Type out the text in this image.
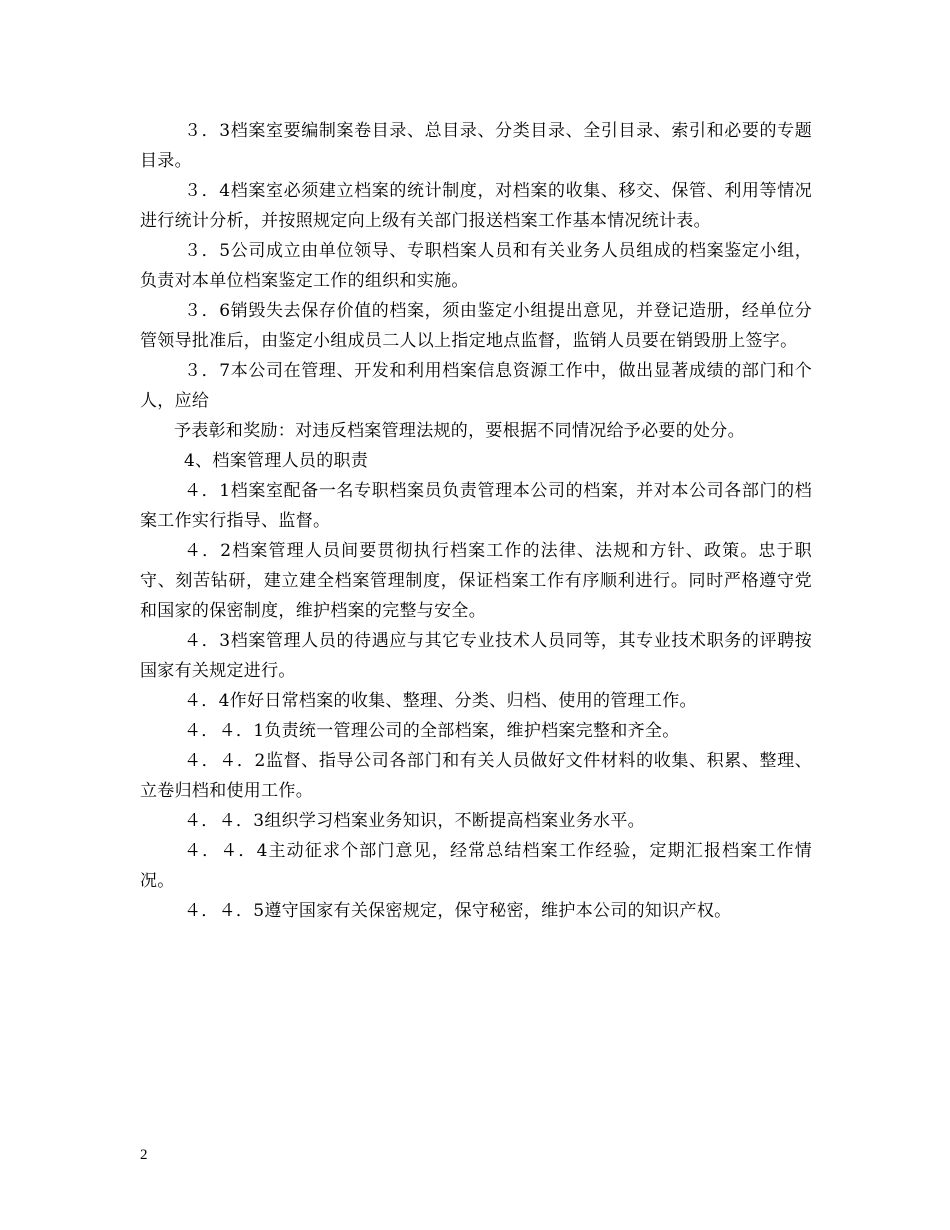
３．3档案室要编制案卷目录、总目录、分类目录、全引目录、索引和必要的专题目录。

３．4档案室必须建立档案的统计制度，对档案的收集、移交、保管、利用等情况进行统计分析，并按照规定向上级有关部门报送档案工作基本情况统计表。

３．5公司成立由单位领导、专职档案人员和有关业务人员组成的档案鉴定小组，负责对本单位档案鉴定工作的组织和实施。

３．6销毁失去保存价值的档案，须由鉴定小组提出意见，并登记造册，经单位分管领导批准后，由鉴定小组成员二人以上指定地点监督，监销人员要在销毁册上签字。

３．7本公司在管理、开发和利用档案信息资源工作中，做出显著成绩的部门和个人，应给

予表彰和奖励：对违反档案管理法规的，要根据不同情况给予必要的处分。

4、档案管理人员的职责

４．1档案室配备一名专职档案员负责管理本公司的档案，并对本公司各部门的档案工作实行指导、监督。

４．2档案管理人员间要贯彻执行档案工作的法律、法规和方针、政策。忠于职守、刻苦钻研，建立建全档案管理制度，保证档案工作有序顺利进行。同时严格遵守党和国家的保密制度，维护档案的完整与安全。

４．3档案管理人员的待遇应与其它专业技术人员同等，其专业技术职务的评聘按国家有关规定进行。

４．4作好日常档案的收集、整理、分类、归档、使用的管理工作。

４．４．1负责统一管理公司的全部档案，维护档案完整和齐全。

４．４．2监督、指导公司各部门和有关人员做好文件材料的收集、积累、整理、立卷归档和使用工作。

４．４．3组织学习档案业务知识，不断提高档案业务水平。

４．４．4主动征求个部门意见，经常总结档案工作经验，定期汇报档案工作情况。

４．４．5遵守国家有关保密规定，保守秘密，维护本公司的知识产权。

2
